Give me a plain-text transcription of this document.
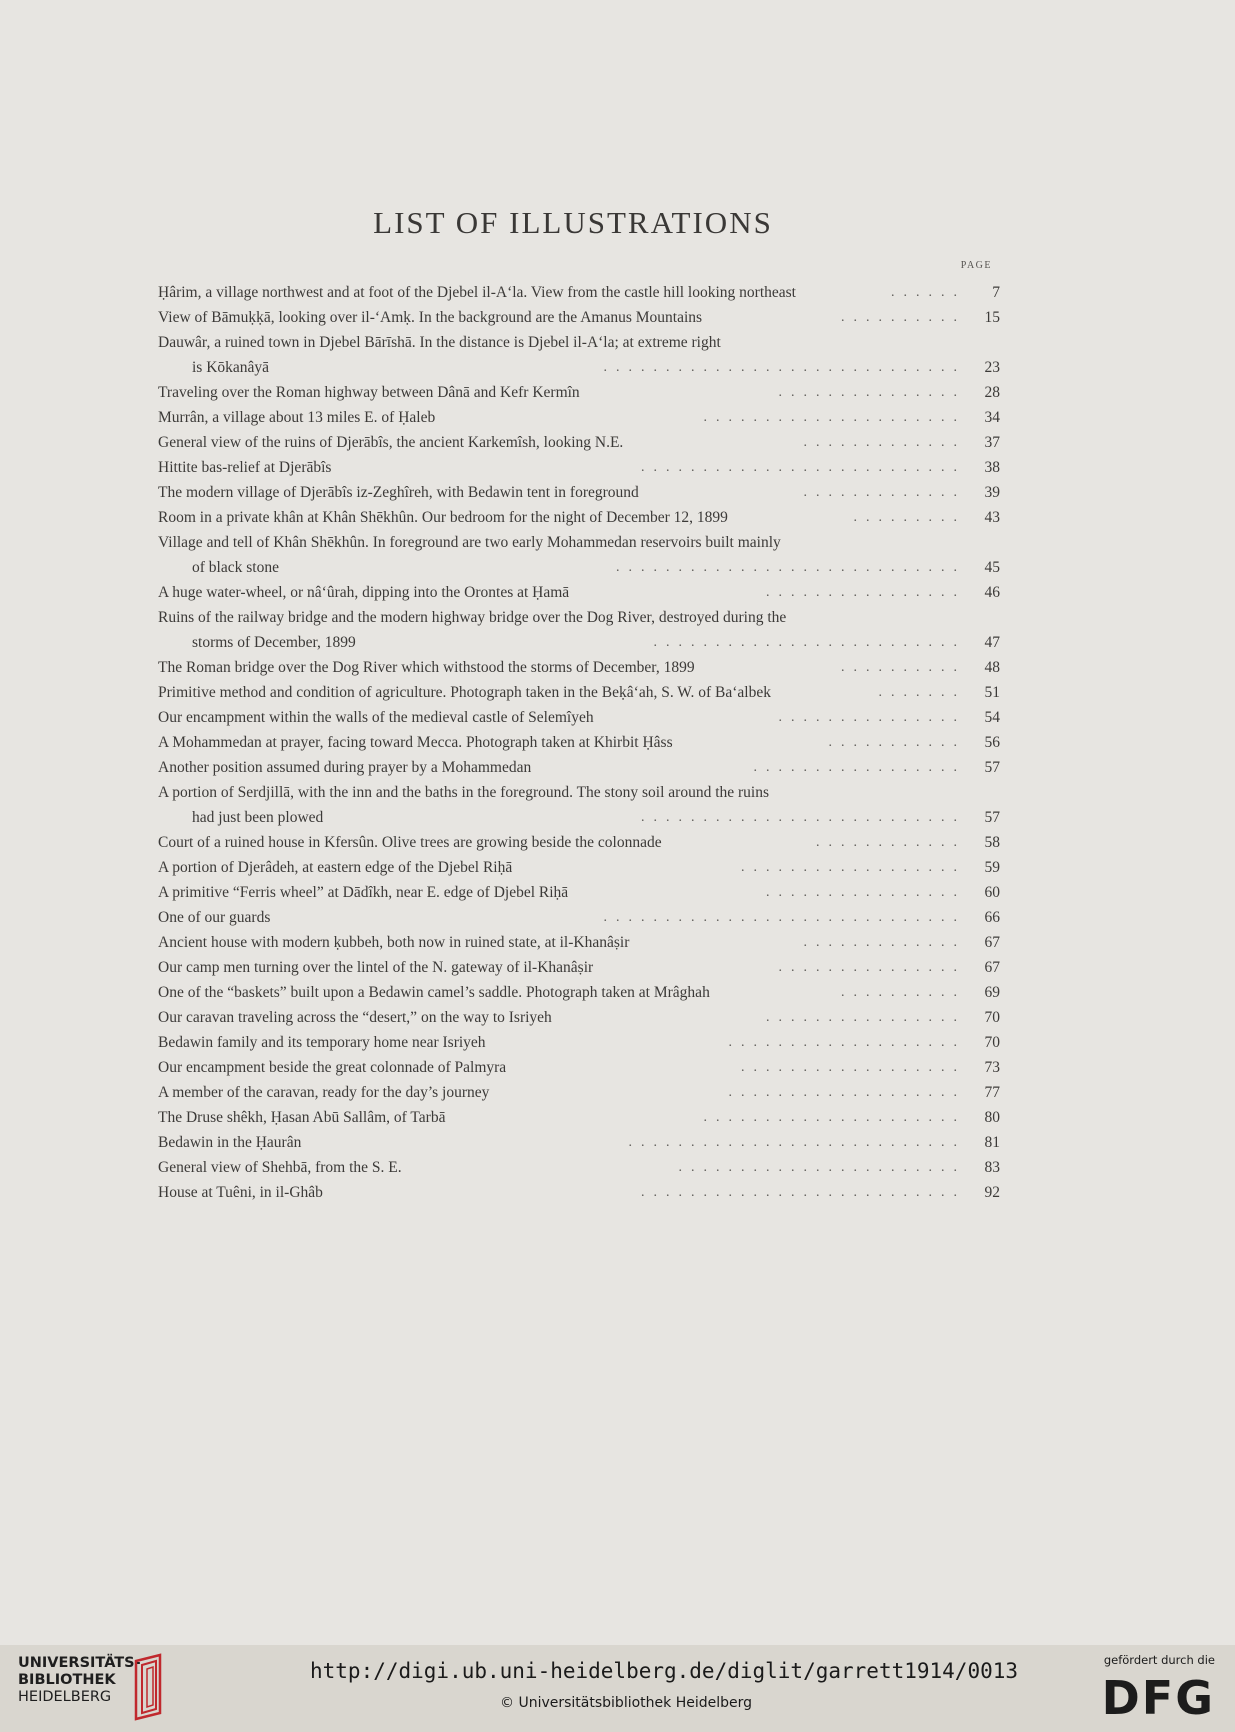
LIST OF ILLUSTRATIONS
PAGE
Ḥârim, a village northwest and at foot of the Djebel il-A‘la. View from the castle hill looking northeast	7
......
View of Bāmuḳḳā, looking over il-‘Amḳ. In the background are the Amanus Mountains	15
..........
Dauwâr, a ruined town in Djebel Bārīshā. In the distance is Djebel il-A‘la; at extreme right
is Kōkanâyā	23
.............................
Traveling over the Roman highway between Dânā and Kefr Kermîn	28
...............
Murrân, a village about 13 miles E. of Ḥaleb	34
.....................
General view of the ruins of Djerābîs, the ancient Karkemîsh, looking N.E.	37
.............
Hittite bas-relief at Djerābîs	38
..........................
The modern village of Djerābîs iz-Zeghîreh, with Bedawin tent in foreground	39
.............
Room in a private khân at Khân Shēkhûn. Our bedroom for the night of December 12, 1899	43
.........
Village and tell of Khân Shēkhûn. In foreground are two early Mohammedan reservoirs built mainly
of black stone	45
............................
A huge water-wheel, or nâ‘ûrah, dipping into the Orontes at Ḥamā	46
................
Ruins of the railway bridge and the modern highway bridge over the Dog River, destroyed during the
storms of December, 1899	47
.........................
The Roman bridge over the Dog River which withstood the storms of December, 1899	48
..........
Primitive method and condition of agriculture. Photograph taken in the Beḳâ‘ah, S. W. of Ba‘albek	51
.......
Our encampment within the walls of the medieval castle of Selemîyeh	54
...............
A Mohammedan at prayer, facing toward Mecca. Photograph taken at Khirbit Ḥâss	56
...........
Another position assumed during prayer by a Mohammedan	57
.................
A portion of Serdjillā, with the inn and the baths in the foreground. The stony soil around the ruins
had just been plowed	57
..........................
Court of a ruined house in Kfersûn. Olive trees are growing beside the colonnade	58
............
A portion of Djerâdeh, at eastern edge of the Djebel Riḥā	59
..................
A primitive “Ferris wheel” at Dādîkh, near E. edge of Djebel Riḥā	60
................
One of our guards	66
.............................
Ancient house with modern ḳubbeh, both now in ruined state, at il-Khanâṣir	67
.............
Our camp men turning over the lintel of the N. gateway of il-Khanâṣir	67
...............
One of the “baskets” built upon a Bedawin camel’s saddle. Photograph taken at Mrâghah	69
..........
Our caravan traveling across the “desert,” on the way to Isriyeh	70
................
Bedawin family and its temporary home near Isriyeh	70
...................
Our encampment beside the great colonnade of Palmyra	73
..................
A member of the caravan, ready for the day’s journey	77
...................
The Druse shêkh, Ḥasan Abū Sallâm, of Tarbā	80
.....................
Bedawin in the Ḥaurân	81
...........................
General view of Shehbā, from the S. E.	83
.......................
House at Tuêni, in il-Ghâb	92
..........................
UNIVERSITÄTS-
BIBLIOTHEK
HEIDELBERG
http://digi.ub.uni-heidelberg.de/diglit/garrett1914/0013
© Universitätsbibliothek Heidelberg
gefördert durch die
DFG
